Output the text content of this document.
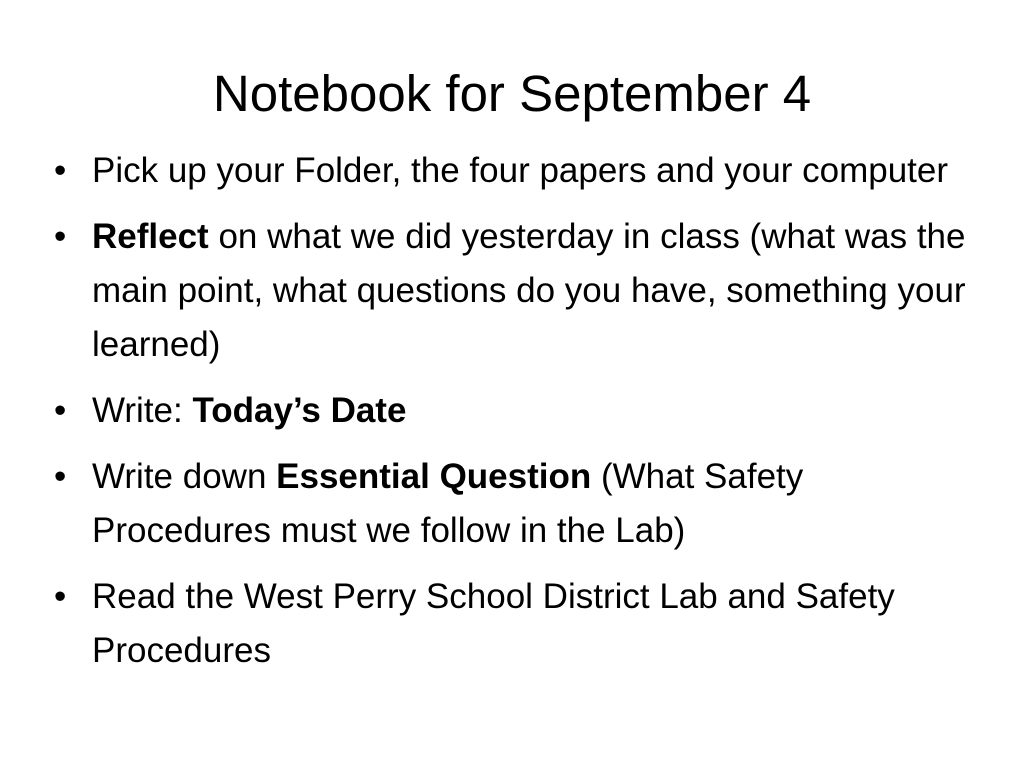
Notebook for September 4
• Pick up your Folder, the four papers and your computer
• Reflect on what we did yesterday in class (what was the main point, what questions do you have, something your learned)
• Write: Today’s Date
• Write down Essential Question (What Safety Procedures must we follow in the Lab)
• Read the West Perry School District Lab and Safety Procedures
